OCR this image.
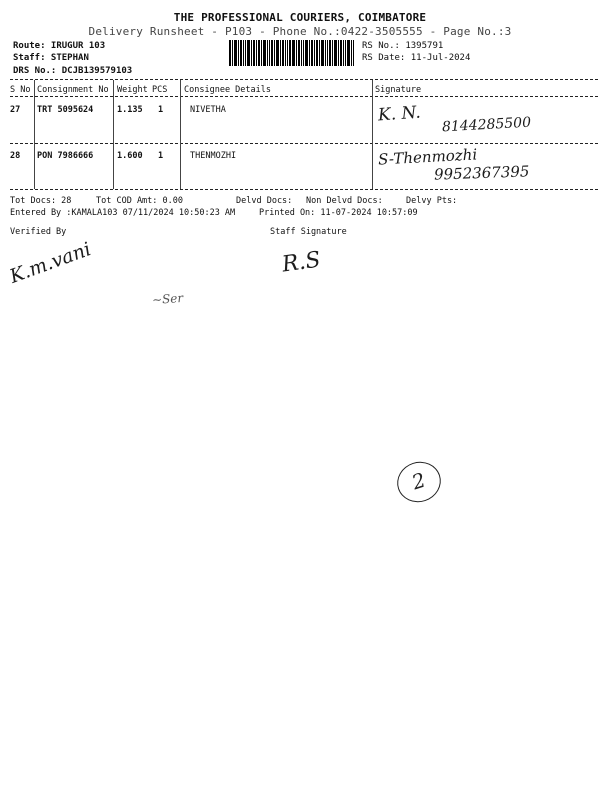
THE PROFESSIONAL COURIERS, COIMBATORE
Delivery Runsheet - P103 - Phone No.:0422-3505555 - Page No.:3
Route: IRUGUR 103
Staff: STEPHAN
DRS No.: DCJB139579103
RS No.: 1395791
RS Date: 11-Jul-2024
S No Consignment No Weight PCS Consignee Details	Signature
27 TRT 5095624	1.135 1	NIVETHA	K. N. 8144285500
28 PON 7986666	1.600 1	THENMOZHI	S-Thenmozhi
9952367395
Tot Docs: 28	Tot COD Amt: 0.00	Delvd Docs: Non Delvd Docs:	Delvy Pts:
Entered By :KAMALA103 07/11/2024 10:50:23 AM	Printed On: 11-07-2024 10:57:09
Verified By	Staff Signature
K.m.vani	R.S
~Ser
2
